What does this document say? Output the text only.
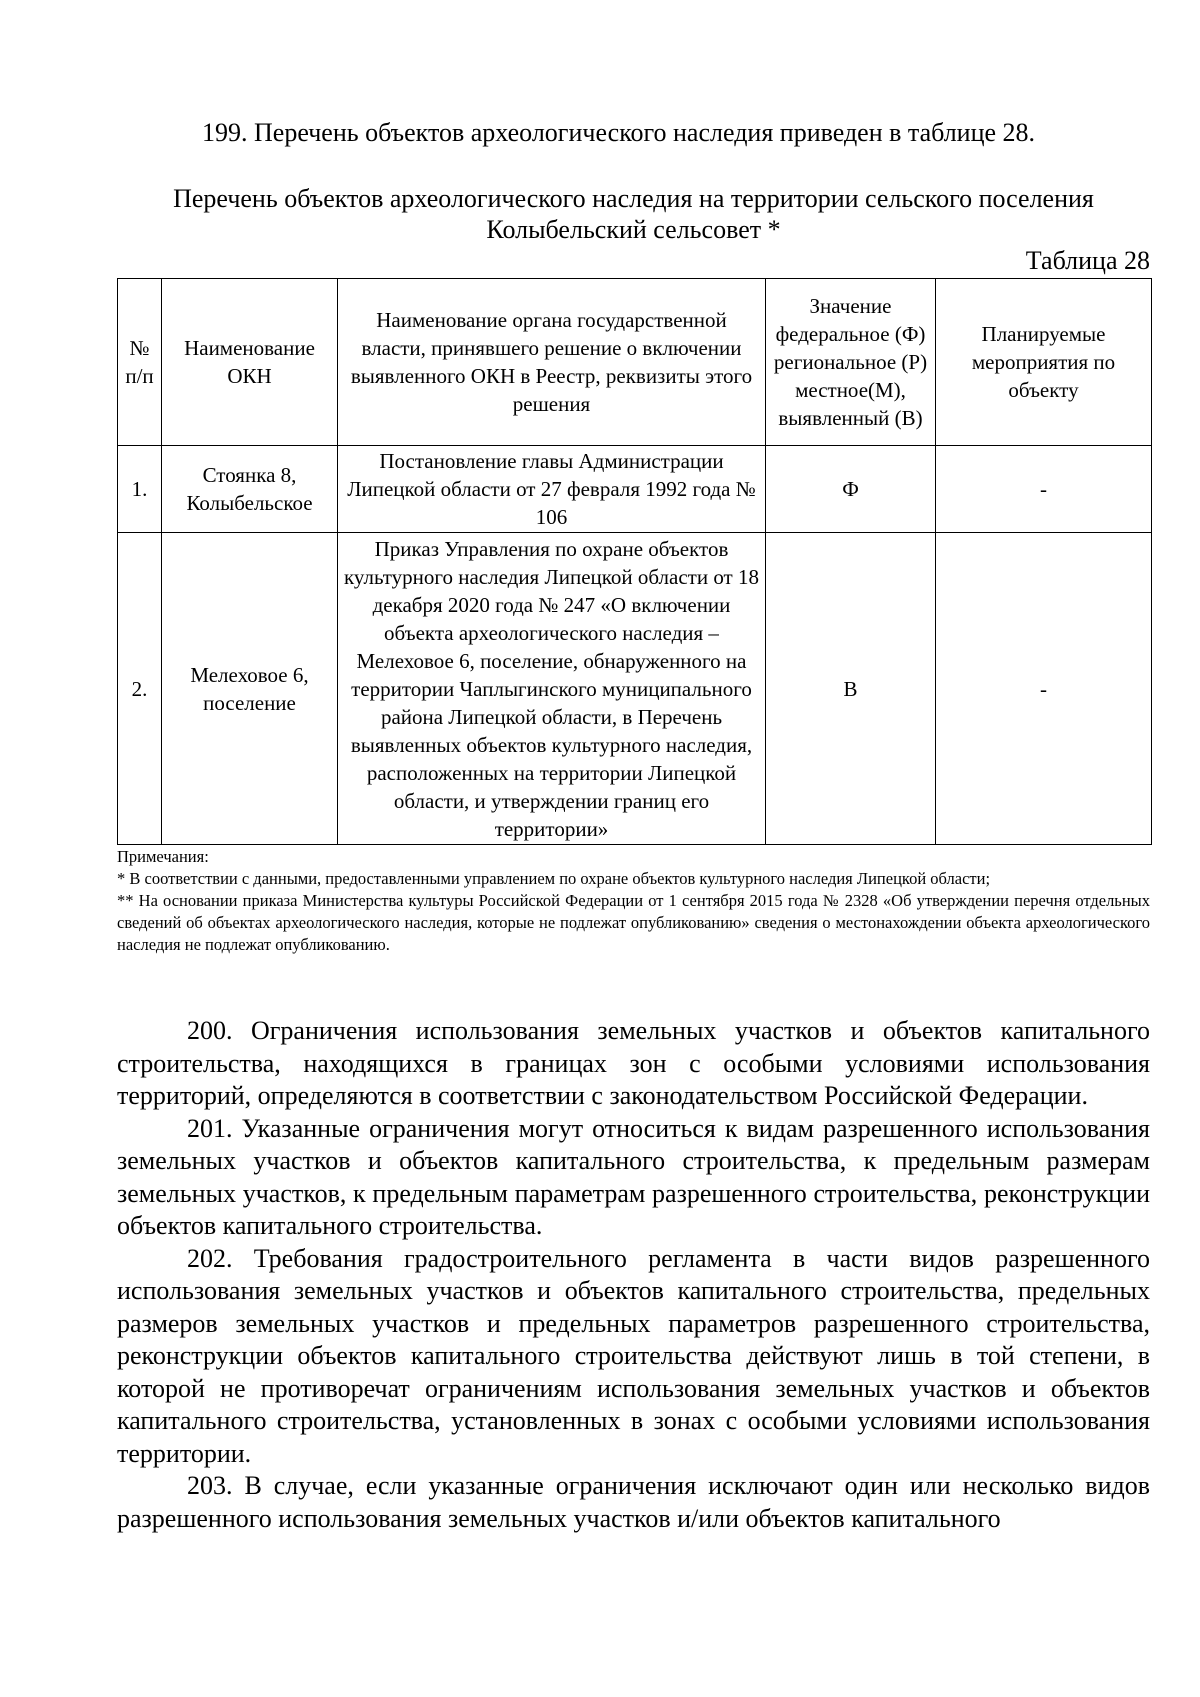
199. Перечень объектов археологического наследия приведен в таблице 28.
Перечень объектов археологического наследия на территории сельского поселения Колыбельский сельсовет *
Таблица 28
№ п/п	Наименование ОКН	Наименование органа государственной власти, принявшего решение о включении выявленного ОКН в Реестр, реквизиты этого решения	Значение федеральное (Ф) региональное (Р) местное(М), выявленный (В)	Планируемые мероприятия по объекту
1.	Стоянка 8, Колыбельское	Постановление главы Администрации Липецкой области от 27 февраля 1992 года № 106	Ф	-
2.	Мелеховое 6, поселение	Приказ Управления по охране объектов культурного наследия Липецкой области от 18 декабря 2020 года № 247 «О включении объекта археологического наследия – Мелеховое 6, поселение, обнаруженного на территории Чаплыгинского муниципального района Липецкой области, в Перечень выявленных объектов культурного наследия, расположенных на территории Липецкой области, и утверждении границ его территории»	В	-

Примечания:

* В соответствии с данными, предоставленными управлением по охране объектов культурного наследия Липецкой области;

** На основании приказа Министерства культуры Российской Федерации от 1 сентября 2015 года № 2328 «Об утверждении перечня отдельных сведений об объектах археологического наследия, которые не подлежат опубликованию» сведения о местонахождении объекта археологического наследия не подлежат опубликованию.

200. Ограничения использования земельных участков и объектов капитального строительства, находящихся в границах зон с особыми условиями использования территорий, определяются в соответствии с законодательством Российской Федерации.

201. Указанные ограничения могут относиться к видам разрешенного использования земельных участков и объектов капитального строительства, к предельным размерам земельных участков, к предельным параметрам разрешенного строительства, реконструкции объектов капитального строительства.

202. Требования градостроительного регламента в части видов разрешенного использования земельных участков и объектов капитального строительства, предельных размеров земельных участков и предельных параметров разрешенного строительства, реконструкции объектов капитального строительства действуют лишь в той степени, в которой не противоречат ограничениям использования земельных участков и объектов капитального строительства, установленных в зонах с особыми условиями использования территории.

203. В случае, если указанные ограничения исключают один или несколько видов разрешенного использования земельных участков и/или объектов капитального
